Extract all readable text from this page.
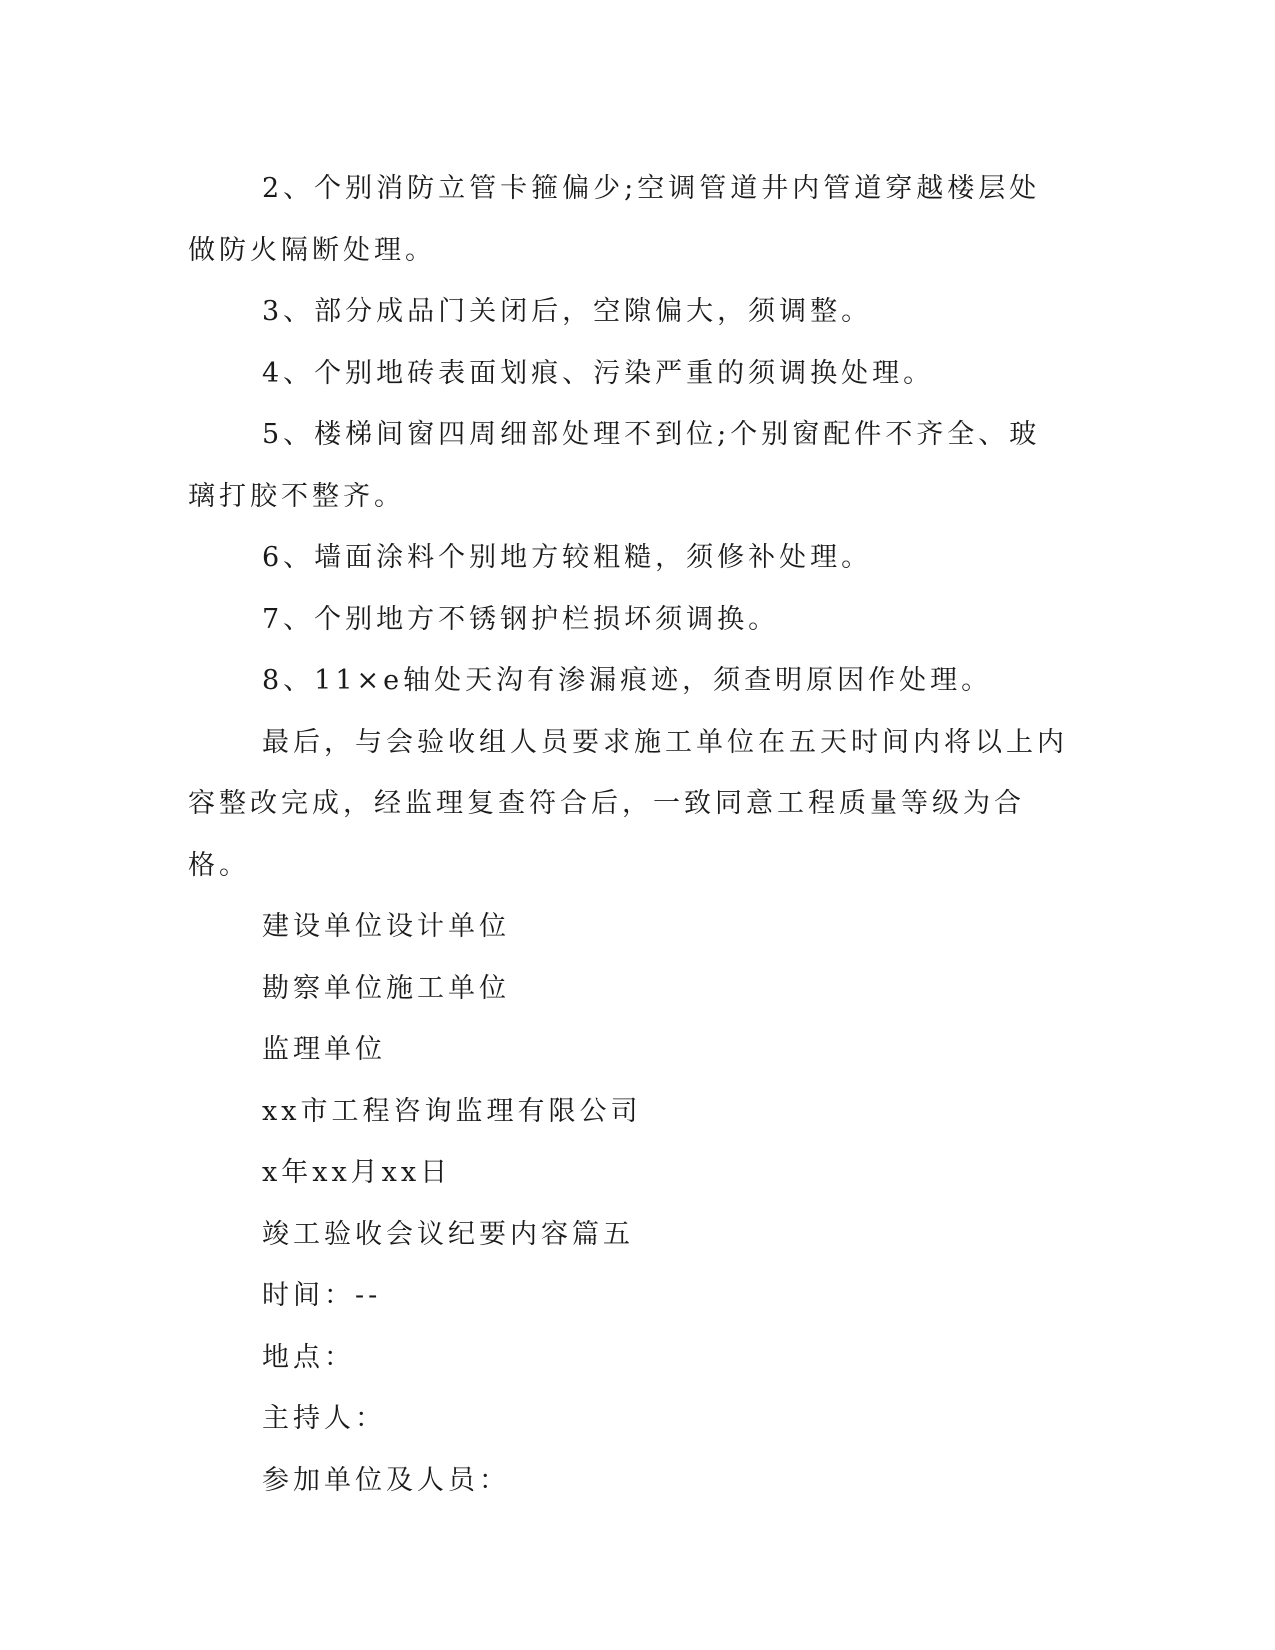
2、个别消防立管卡箍偏少;空调管道井内管道穿越楼层处做防火隔断处理。

3、部分成品门关闭后，空隙偏大，须调整。

4、个别地砖表面划痕、污染严重的须调换处理。

5、楼梯间窗四周细部处理不到位;个别窗配件不齐全、玻璃打胶不整齐。

6、墙面涂料个别地方较粗糙，须修补处理。

7、个别地方不锈钢护栏损坏须调换。

8、11×e轴处天沟有渗漏痕迹，须查明原因作处理。

最后，与会验收组人员要求施工单位在五天时间内将以上内容整改完成，经监理复查符合后，一致同意工程质量等级为合格。

建设单位设计单位

勘察单位施工单位

监理单位

xx市工程咨询监理有限公司

x年xx月xx日

竣工验收会议纪要内容篇五

时间：--

地点：

主持人：

参加单位及人员：
